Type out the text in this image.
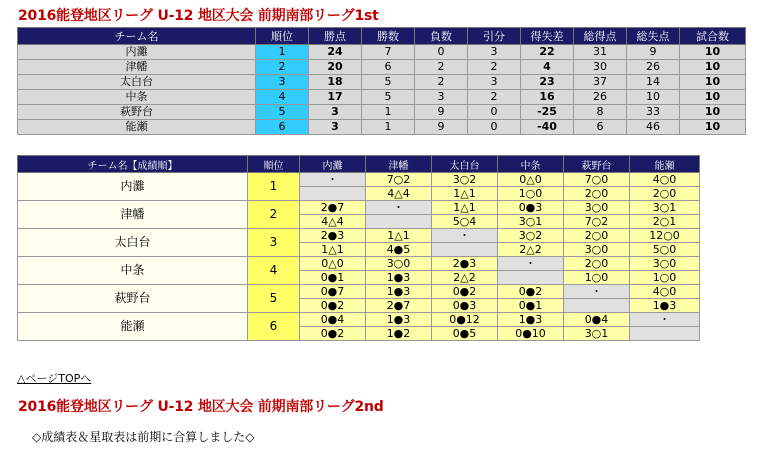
2016能登地区リーグ U-12 地区大会 前期南部リーグ1st
チーム名	順位	勝点	勝数	負数	引分	得失差	総得点	総失点	試合数
内灘	1	24	7	0	3	22	31	9	10
津幡	2	20	6	2	2	4	30	26	10
太白台	3	18	5	2	3	23	37	14	10
中条	4	17	5	3	2	16	26	10	10
萩野台	5	3	1	9	0	-25	8	33	10
能瀬	6	3	1	9	0	-40	6	46	10
チーム名【成績順】	順位	内灘	津幡	太白台	中条	萩野台	能瀬
内灘	1	・	7○2	3○2	0△0	7○0	4○0
			4△4	1△1	1○0	2○0	2○0
津幡	2	2●7	・	1△1	0●3	3○0	3○1
		4△4		5○4	3○1	7○2	2○1
太白台	3	2●3	1△1	・	3○2	2○0	12○0
		1△1	4●5		2△2	3○0	5○0
中条	4	0△0	3○0	2●3	・	2○0	3○0
		0●1	1●3	2△2		1○0	1○0
萩野台	5	0●7	1●3	0●2	0●2	・	4○0
		0●2	2●7	0●3	0●1		1●3
能瀬	6	0●4	1●3	0●12	1●3	0●4	・
		0●2	1●2	0●5	0●10	3○1	
△ページTOPへ
2016能登地区リーグ U-12 地区大会 前期南部リーグ2nd
◇成績表＆星取表は前期に合算しました◇
